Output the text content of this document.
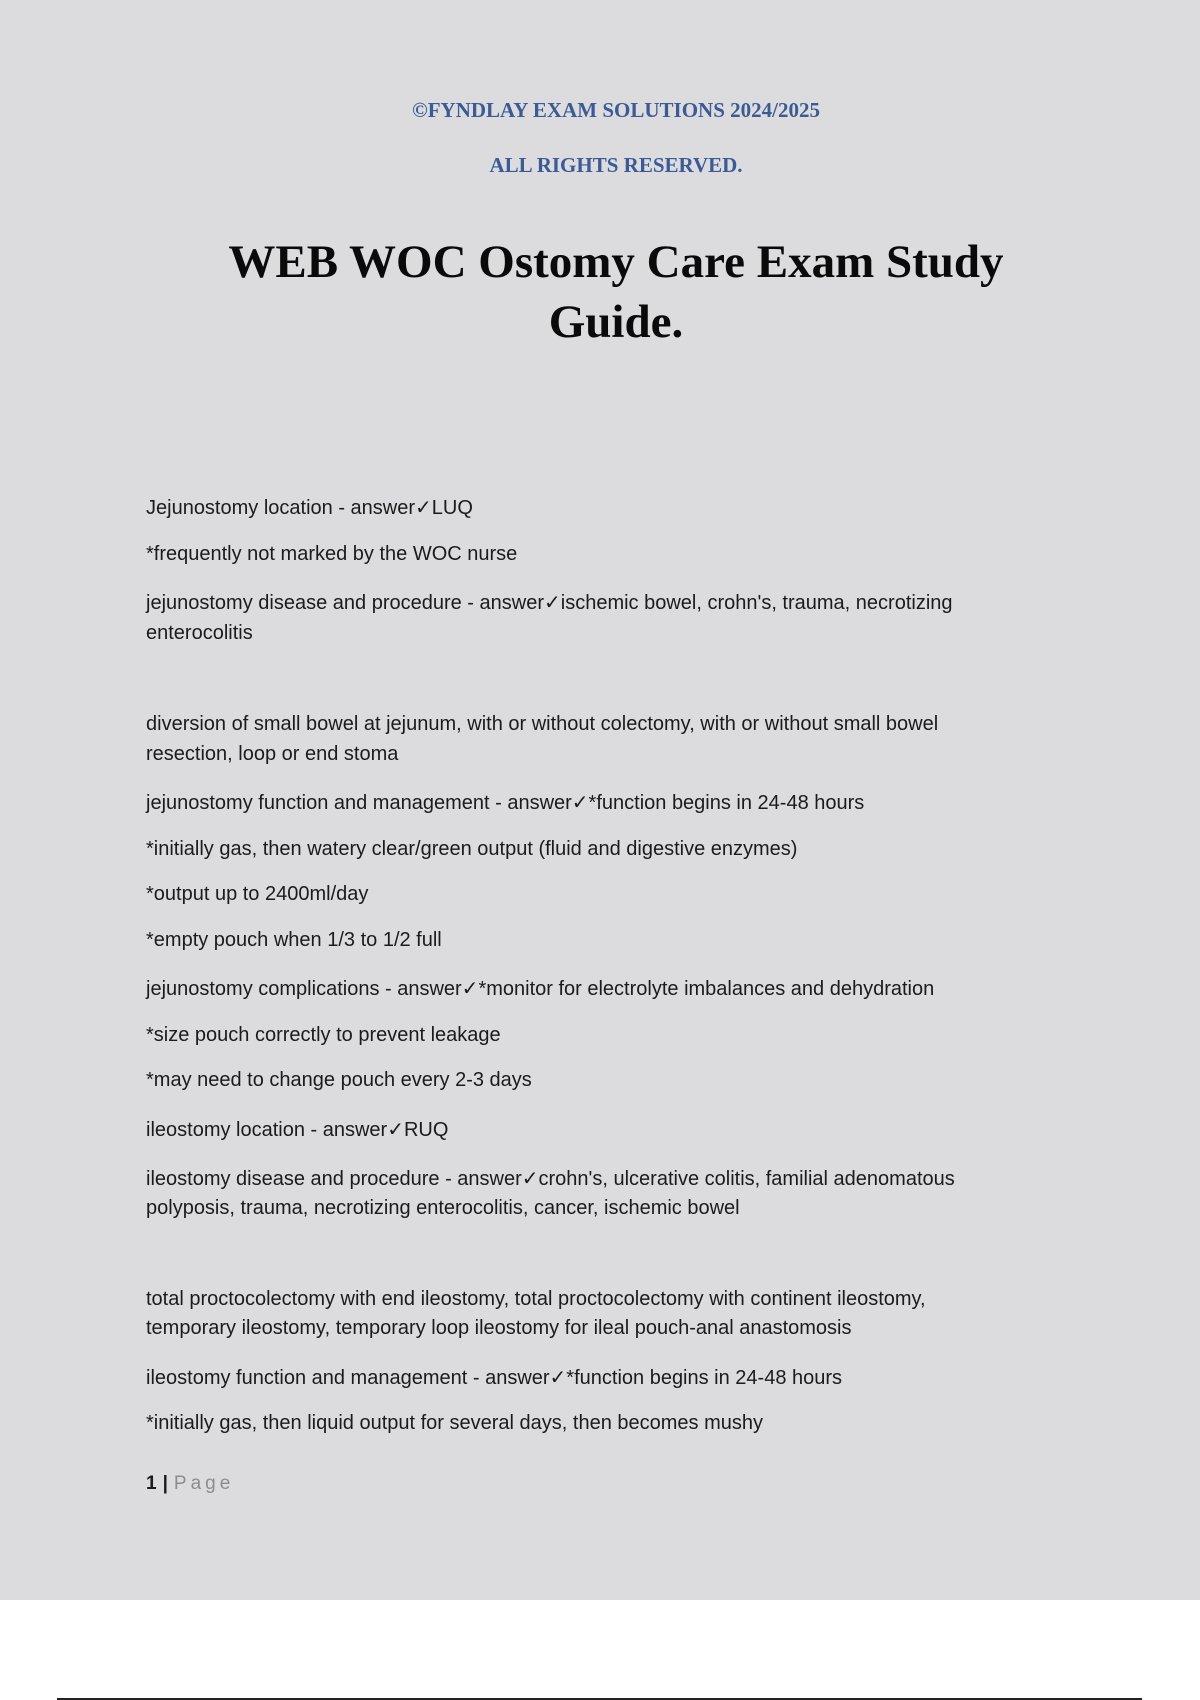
©FYNDLAY EXAM SOLUTIONS 2024/2025

ALL RIGHTS RESERVED.

WEB WOC Ostomy Care Exam Study
Guide.

Jejunostomy location - answer✓LUQ

*frequently not marked by the WOC nurse

jejunostomy disease and procedure - answer✓ischemic bowel, crohn's, trauma, necrotizing

enterocolitis

diversion of small bowel at jejunum, with or without colectomy, with or without small bowel

resection, loop or end stoma

jejunostomy function and management - answer✓*function begins in 24-48 hours

*initially gas, then watery clear/green output (fluid and digestive enzymes)

*output up to 2400ml/day

*empty pouch when 1/3 to 1/2 full

jejunostomy complications - answer✓*monitor for electrolyte imbalances and dehydration

*size pouch correctly to prevent leakage

*may need to change pouch every 2-3 days

ileostomy location - answer✓RUQ

ileostomy disease and procedure - answer✓crohn's, ulcerative colitis, familial adenomatous

polyposis, trauma, necrotizing enterocolitis, cancer, ischemic bowel

total proctocolectomy with end ileostomy, total proctocolectomy with continent ileostomy,

temporary ileostomy, temporary loop ileostomy for ileal pouch-anal anastomosis

ileostomy function and management - answer✓*function begins in 24-48 hours

*initially gas, then liquid output for several days, then becomes mushy

1 | Page
